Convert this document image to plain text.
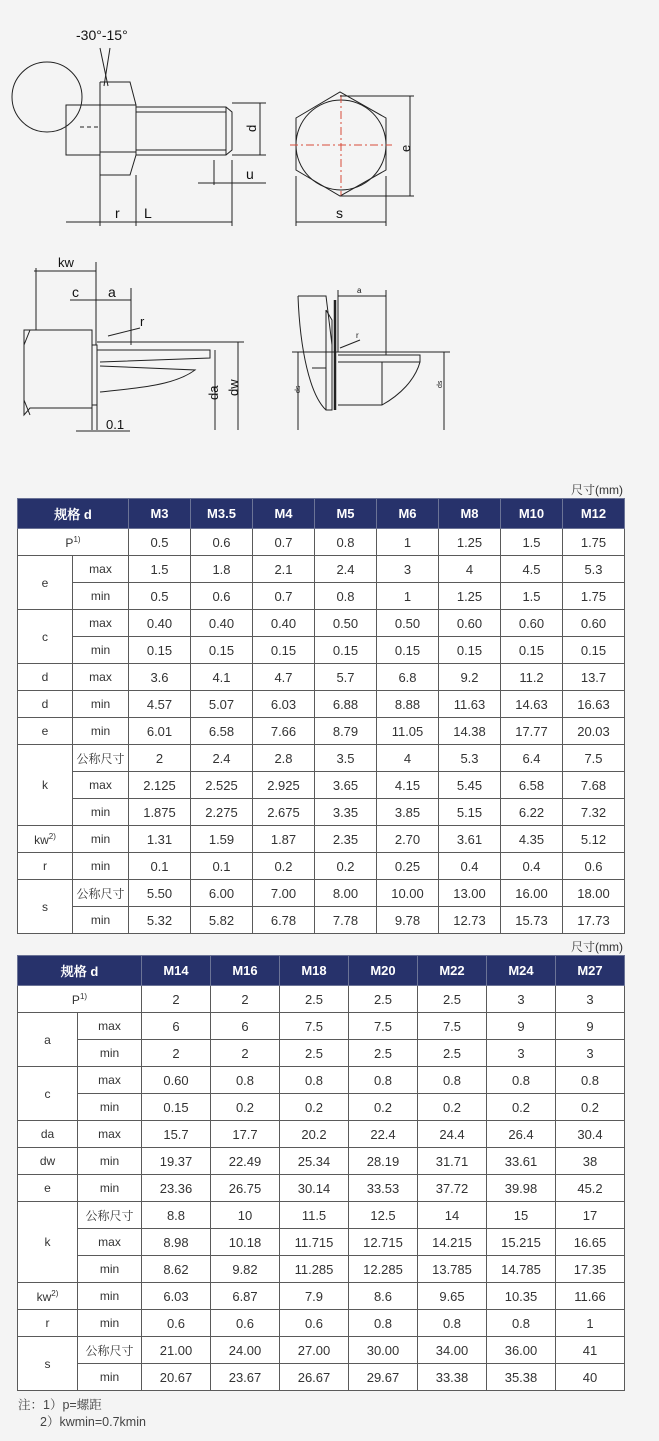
-30°-15°
d
u
r L
e
s
kw
c a
r
da dw
0.1
a
r
ds
ds
尺寸(mm)
规格 d		M3	M3.5	M4	M5	M6	M8	M10	M12
$P^{1)}$		0.5	0.6	0.7	0.8	1	1.25	1.5	1.75
e	max	1.5	1.8	2.1	2.4	3	4	4.5	5.3
	min	0.5	0.6	0.7	0.8	1	1.25	1.5	1.75
c	max	0.40	0.40	0.40	0.50	0.50	0.60	0.60	0.60
	min	0.15	0.15	0.15	0.15	0.15	0.15	0.15	0.15
d	max	3.6	4.1	4.7	5.7	6.8	9.2	11.2	13.7
d	min	4.57	5.07	6.03	6.88	8.88	11.63	14.63	16.63
e	min	6.01	6.58	7.66	8.79	11.05	14.38	17.77	20.03
k	公称尺寸	2	2.4	2.8	3.5	4	5.3	6.4	7.5
	max	2.125	2.525	2.925	3.65	4.15	5.45	6.58	7.68
	min	1.875	2.275	2.675	3.35	3.85	5.15	6.22	7.32
$kw^{2)}$	min	1.31	1.59	1.87	2.35	2.70	3.61	4.35	5.12
r	min	0.1	0.1	0.2	0.2	0.25	0.4	0.4	0.6
s	公称尺寸	5.50	6.00	7.00	8.00	10.00	13.00	16.00	18.00
	min	5.32	5.82	6.78	7.78	9.78	12.73	15.73	17.73
尺寸(mm)
规格 d		M14	M16	M18	M20	M22	M24	M27
$P^{1)}$		2	2	2.5	2.5	2.5	3	3
a	max	6	6	7.5	7.5	7.5	9	9
	min	2	2	2.5	2.5	2.5	3	3
c	max	0.60	0.8	0.8	0.8	0.8	0.8	0.8
	min	0.15	0.2	0.2	0.2	0.2	0.2	0.2
da	max	15.7	17.7	20.2	22.4	24.4	26.4	30.4
dw	min	19.37	22.49	25.34	28.19	31.71	33.61	38
e	min	23.36	26.75	30.14	33.53	37.72	39.98	45.2
k	公称尺寸	8.8	10	11.5	12.5	14	15	17
	max	8.98	10.18	11.715	12.715	14.215	15.215	16.65
	min	8.62	9.82	11.285	12.285	13.785	14.785	17.35
$kw^{2)}$	min	6.03	6.87	7.9	8.6	9.65	10.35	11.66
r	min	0.6	0.6	0.6	0.8	0.8	0.8	1
s	公称尺寸	21.00	24.00	27.00	30.00	34.00	36.00	41
	min	20.67	23.67	26.67	29.67	33.38	35.38	40
注：1）p=螺距
2）kwmin=0.7kmin
